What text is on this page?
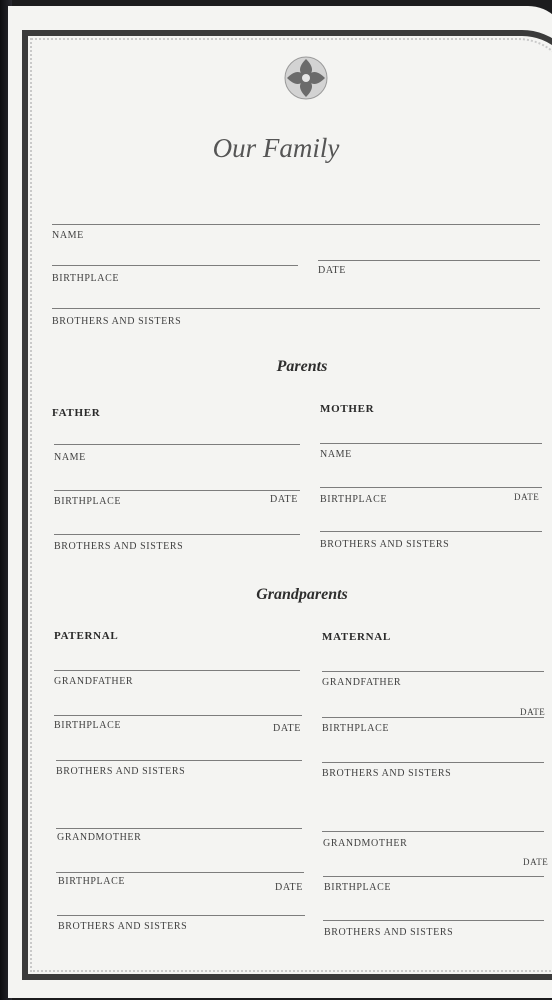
Our Family
NAME
BIRTHPLACE
DATE
BROTHERS AND SISTERS
Parents
FATHER
NAME
BIRTHPLACE	DATE
BROTHERS AND SISTERS
MOTHER
NAME
BIRTHPLACE	DATE
BROTHERS AND SISTERS
Grandparents
PATERNAL
GRANDFATHER
BIRTHPLACE	DATE
BROTHERS AND SISTERS
GRANDMOTHER
BIRTHPLACE
DATE
BROTHERS AND SISTERS
MATERNAL
GRANDFATHER
BIRTHPLACE
DATE
BROTHERS AND SISTERS
GRANDMOTHER
BIRTHPLACE
DATE
BROTHERS AND SISTERS
